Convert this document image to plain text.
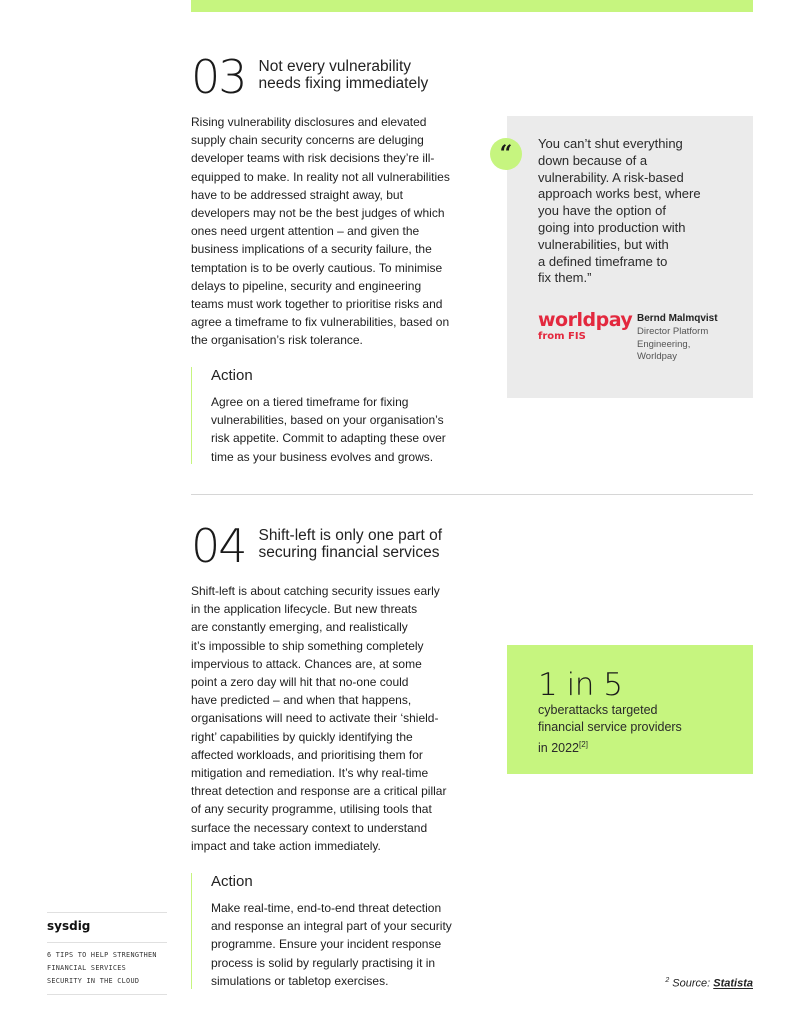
03 Not every vulnerability
needs fixing immediately
Rising vulnerability disclosures and elevated
supply chain security concerns are deluging
developer teams with risk decisions they’re ill-
equipped to make. In reality not all vulnerabilities
have to be addressed straight away, but
developers may not be the best judges of which
ones need urgent attention – and given the
business implications of a security failure, the
temptation is to be overly cautious. To minimise
delays to pipeline, security and engineering
teams must work together to prioritise risks and
agree a timeframe to fix vulnerabilities, based on
the organisation’s risk tolerance.
Action
Agree on a tiered timeframe for fixing
vulnerabilities, based on your organisation’s
risk appetite. Commit to adapting these over
time as your business evolves and grows.
“	You can’t shut everything
down because of a
vulnerability. A risk-based
approach works best, where
you have the option of
going into production with
vulnerabilities, but with
a defined timeframe to
fix them.”
worldpay
from FIS
Bernd Malmqvist
Director Platform
Engineering,
Worldpay
04 Shift-left is only one part of
securing financial services
Shift-left is about catching security issues early
in the application lifecycle. But new threats
are constantly emerging, and realistically
it’s impossible to ship something completely
impervious to attack. Chances are, at some
point a zero day will hit that no-one could
have predicted – and when that happens,
organisations will need to activate their ‘shield-
right’ capabilities by quickly identifying the
affected workloads, and prioritising them for
mitigation and remediation. It’s why real-time
threat detection and response are a critical pillar
of any security programme, utilising tools that
surface the necessary context to understand
impact and take action immediately.
Action
Make real-time, end-to-end threat detection
and response an integral part of your security
programme. Ensure your incident response
process is solid by regularly practising it in
simulations or tabletop exercises.
1 in 5
cyberattacks targeted
financial service providers
in 2022[2]
sysdig
6 TIPS TO HELP STRENGTHEN
FINANCIAL SERVICES
SECURITY IN THE CLOUD	$^2$ Source: Statista
